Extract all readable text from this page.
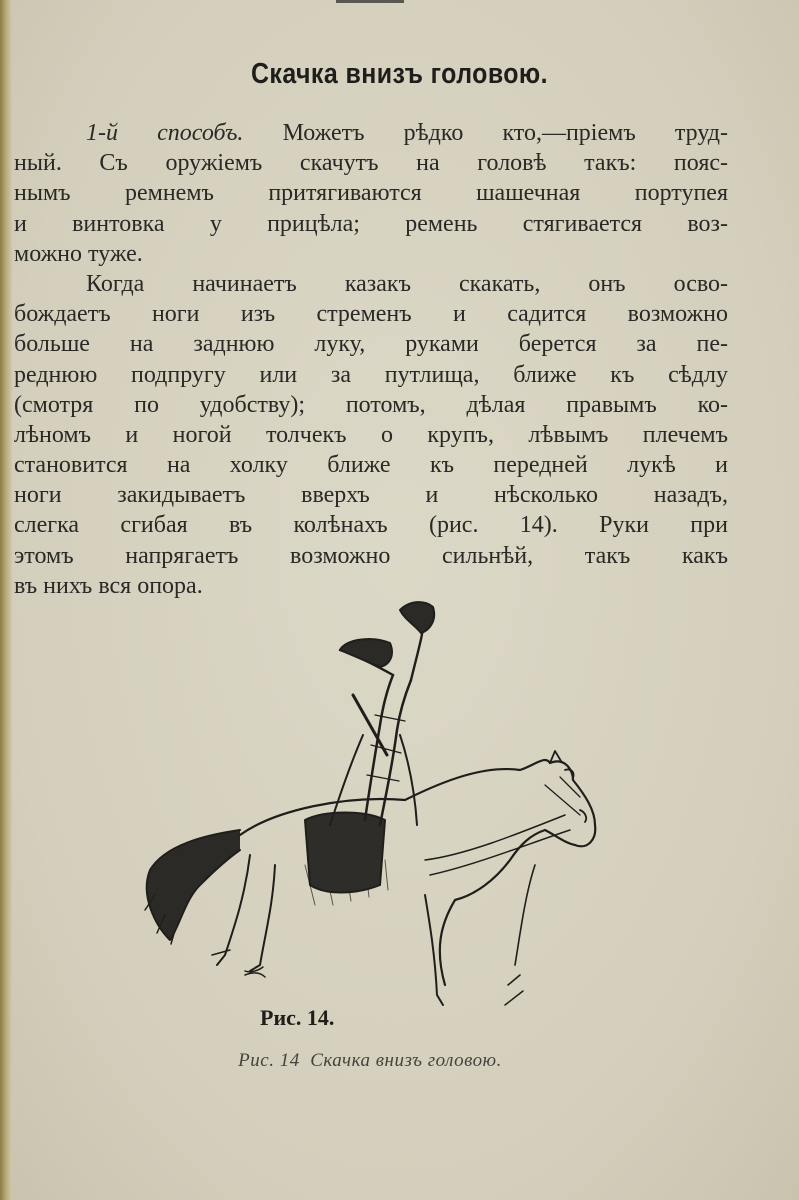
Скачка внизъ головою.
1-й способъ. Можетъ рѣдко кто,—пріемъ труд-
ный. Съ оружіемъ скачутъ на головѣ такъ: пояс-
нымъ ремнемъ притягиваются шашечная портупея
и винтовка у прицѣла; ремень стягивается воз-
можно туже.
Когда начинаетъ казакъ скакать, онъ осво-
бождаетъ ноги изъ стременъ и садится возможно
больше на заднюю луку, руками берется за пе-
реднюю подпругу или за путлища, ближе къ сѣдлу
(смотря по удобству); потомъ, дѣлая правымъ ко-
лѣномъ и ногой толчекъ о крупъ, лѣвымъ плечемъ
становится на холку ближе къ передней лукѣ и
ноги закидываетъ вверхъ и нѣсколько назадъ,
слегка сгибая въ колѣнахъ (рис. 14). Руки при
этомъ напрягаетъ возможно сильнѣй, такъ какъ
въ нихъ вся опора.
Рис. 14.
Рис. 14 Скачка внизъ головою.
